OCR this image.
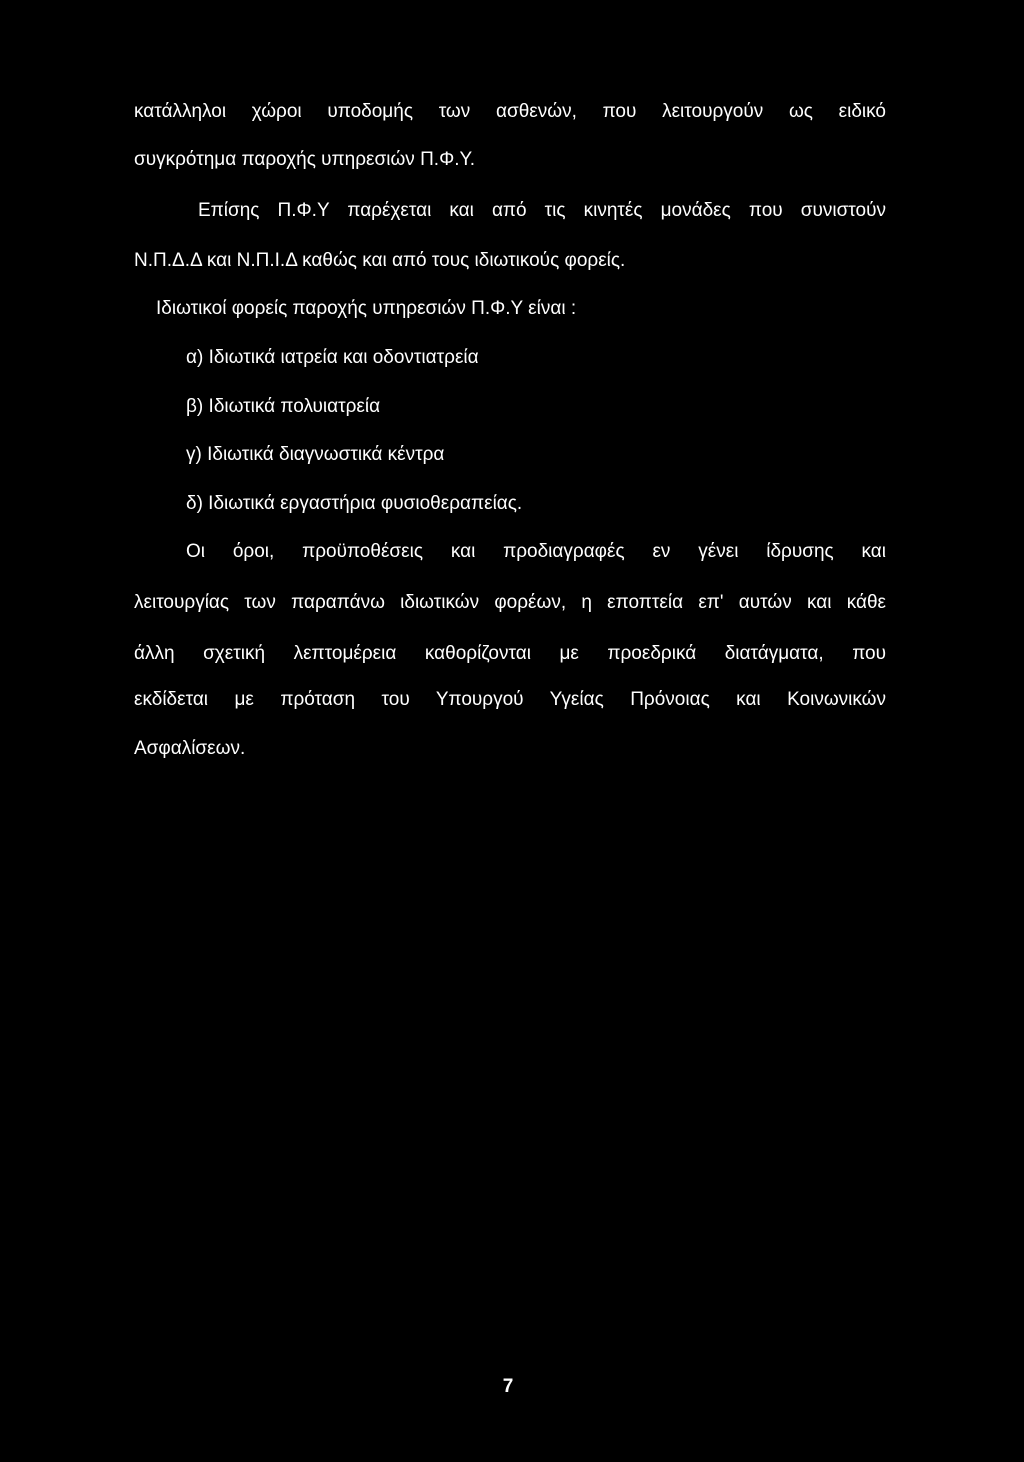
κατάλληλοι χώροι υποδομής των ασθενών, που λειτουργούν ως ειδικό
συγκρότημα παροχής υπηρεσιών Π.Φ.Υ.
Επίσης Π.Φ.Υ παρέχεται και από τις κινητές μονάδες που συνιστούν
Ν.Π.Δ.Δ και Ν.Π.Ι.Δ καθώς και από τους ιδιωτικούς φορείς.
Ιδιωτικοί φορείς παροχής υπηρεσιών Π.Φ.Υ είναι :
α) Ιδιωτικά ιατρεία και οδοντιατρεία
β) Ιδιωτικά πολυιατρεία
γ) Ιδιωτικά διαγνωστικά κέντρα
δ) Ιδιωτικά εργαστήρια φυσιοθεραπείας.
Οι όροι, προϋποθέσεις και προδιαγραφές εν γένει ίδρυσης και
λειτουργίας των παραπάνω ιδιωτικών φορέων, η εποπτεία επ' αυτών και κάθε
άλλη σχετική λεπτομέρεια καθορίζονται με προεδρικά διατάγματα, που
εκδίδεται με πρόταση του Υπουργού Υγείας Πρόνοιας και Κοινωνικών
Ασφαλίσεων.
7
